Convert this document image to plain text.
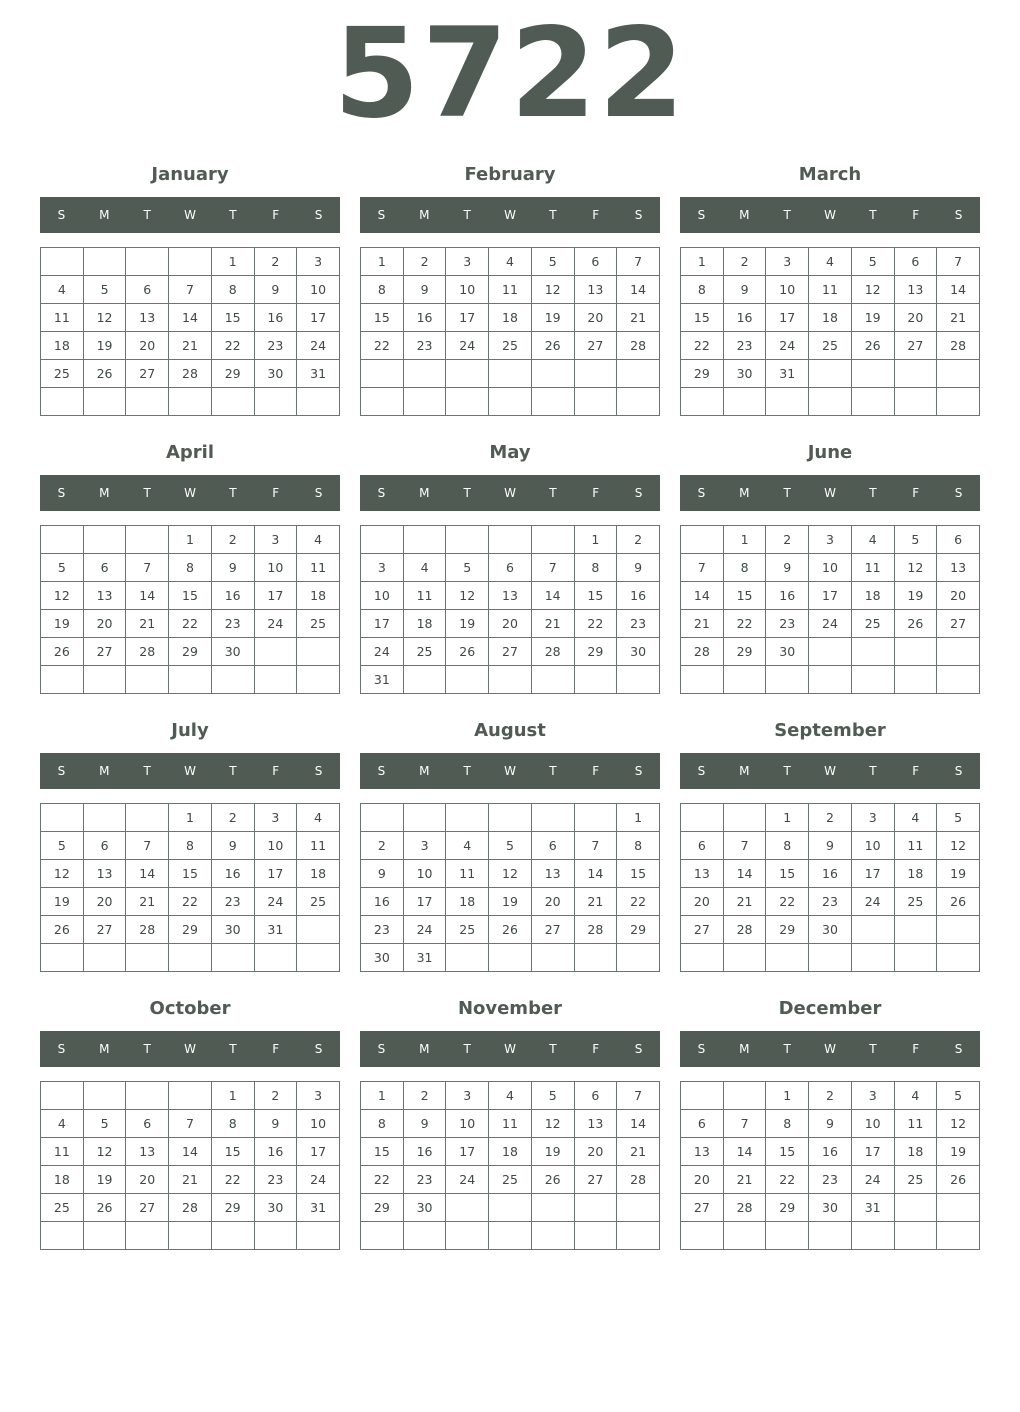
5722
January
S	M	T	W	T	F	S
				1	2	3
4	5	6	7	8	9	10
11	12	13	14	15	16	17
18	19	20	21	22	23	24
25	26	27	28	29	30	31

February
S	M	T	W	T	F	S
1	2	3	4	5	6	7
8	9	10	11	12	13	14
15	16	17	18	19	20	21
22	23	24	25	26	27	28

March
S	M	T	W	T	F	S
1	2	3	4	5	6	7
8	9	10	11	12	13	14
15	16	17	18	19	20	21
22	23	24	25	26	27	28
29	30	31				

April
S	M	T	W	T	F	S
			1	2	3	4
5	6	7	8	9	10	11
12	13	14	15	16	17	18
19	20	21	22	23	24	25
26	27	28	29	30		

May
S	M	T	W	T	F	S
					1	2
3	4	5	6	7	8	9
10	11	12	13	14	15	16
17	18	19	20	21	22	23
24	25	26	27	28	29	30
31						
June
S	M	T	W	T	F	S
	1	2	3	4	5	6
7	8	9	10	11	12	13
14	15	16	17	18	19	20
21	22	23	24	25	26	27
28	29	30				

July
S	M	T	W	T	F	S
			1	2	3	4
5	6	7	8	9	10	11
12	13	14	15	16	17	18
19	20	21	22	23	24	25
26	27	28	29	30	31	

August
S	M	T	W	T	F	S
						1
2	3	4	5	6	7	8
9	10	11	12	13	14	15
16	17	18	19	20	21	22
23	24	25	26	27	28	29
30	31					
September
S	M	T	W	T	F	S
		1	2	3	4	5
6	7	8	9	10	11	12
13	14	15	16	17	18	19
20	21	22	23	24	25	26
27	28	29	30			

October
S	M	T	W	T	F	S
				1	2	3
4	5	6	7	8	9	10
11	12	13	14	15	16	17
18	19	20	21	22	23	24
25	26	27	28	29	30	31

November
S	M	T	W	T	F	S
1	2	3	4	5	6	7
8	9	10	11	12	13	14
15	16	17	18	19	20	21
22	23	24	25	26	27	28
29	30					

December
S	M	T	W	T	F	S
		1	2	3	4	5
6	7	8	9	10	11	12
13	14	15	16	17	18	19
20	21	22	23	24	25	26
27	28	29	30	31		
